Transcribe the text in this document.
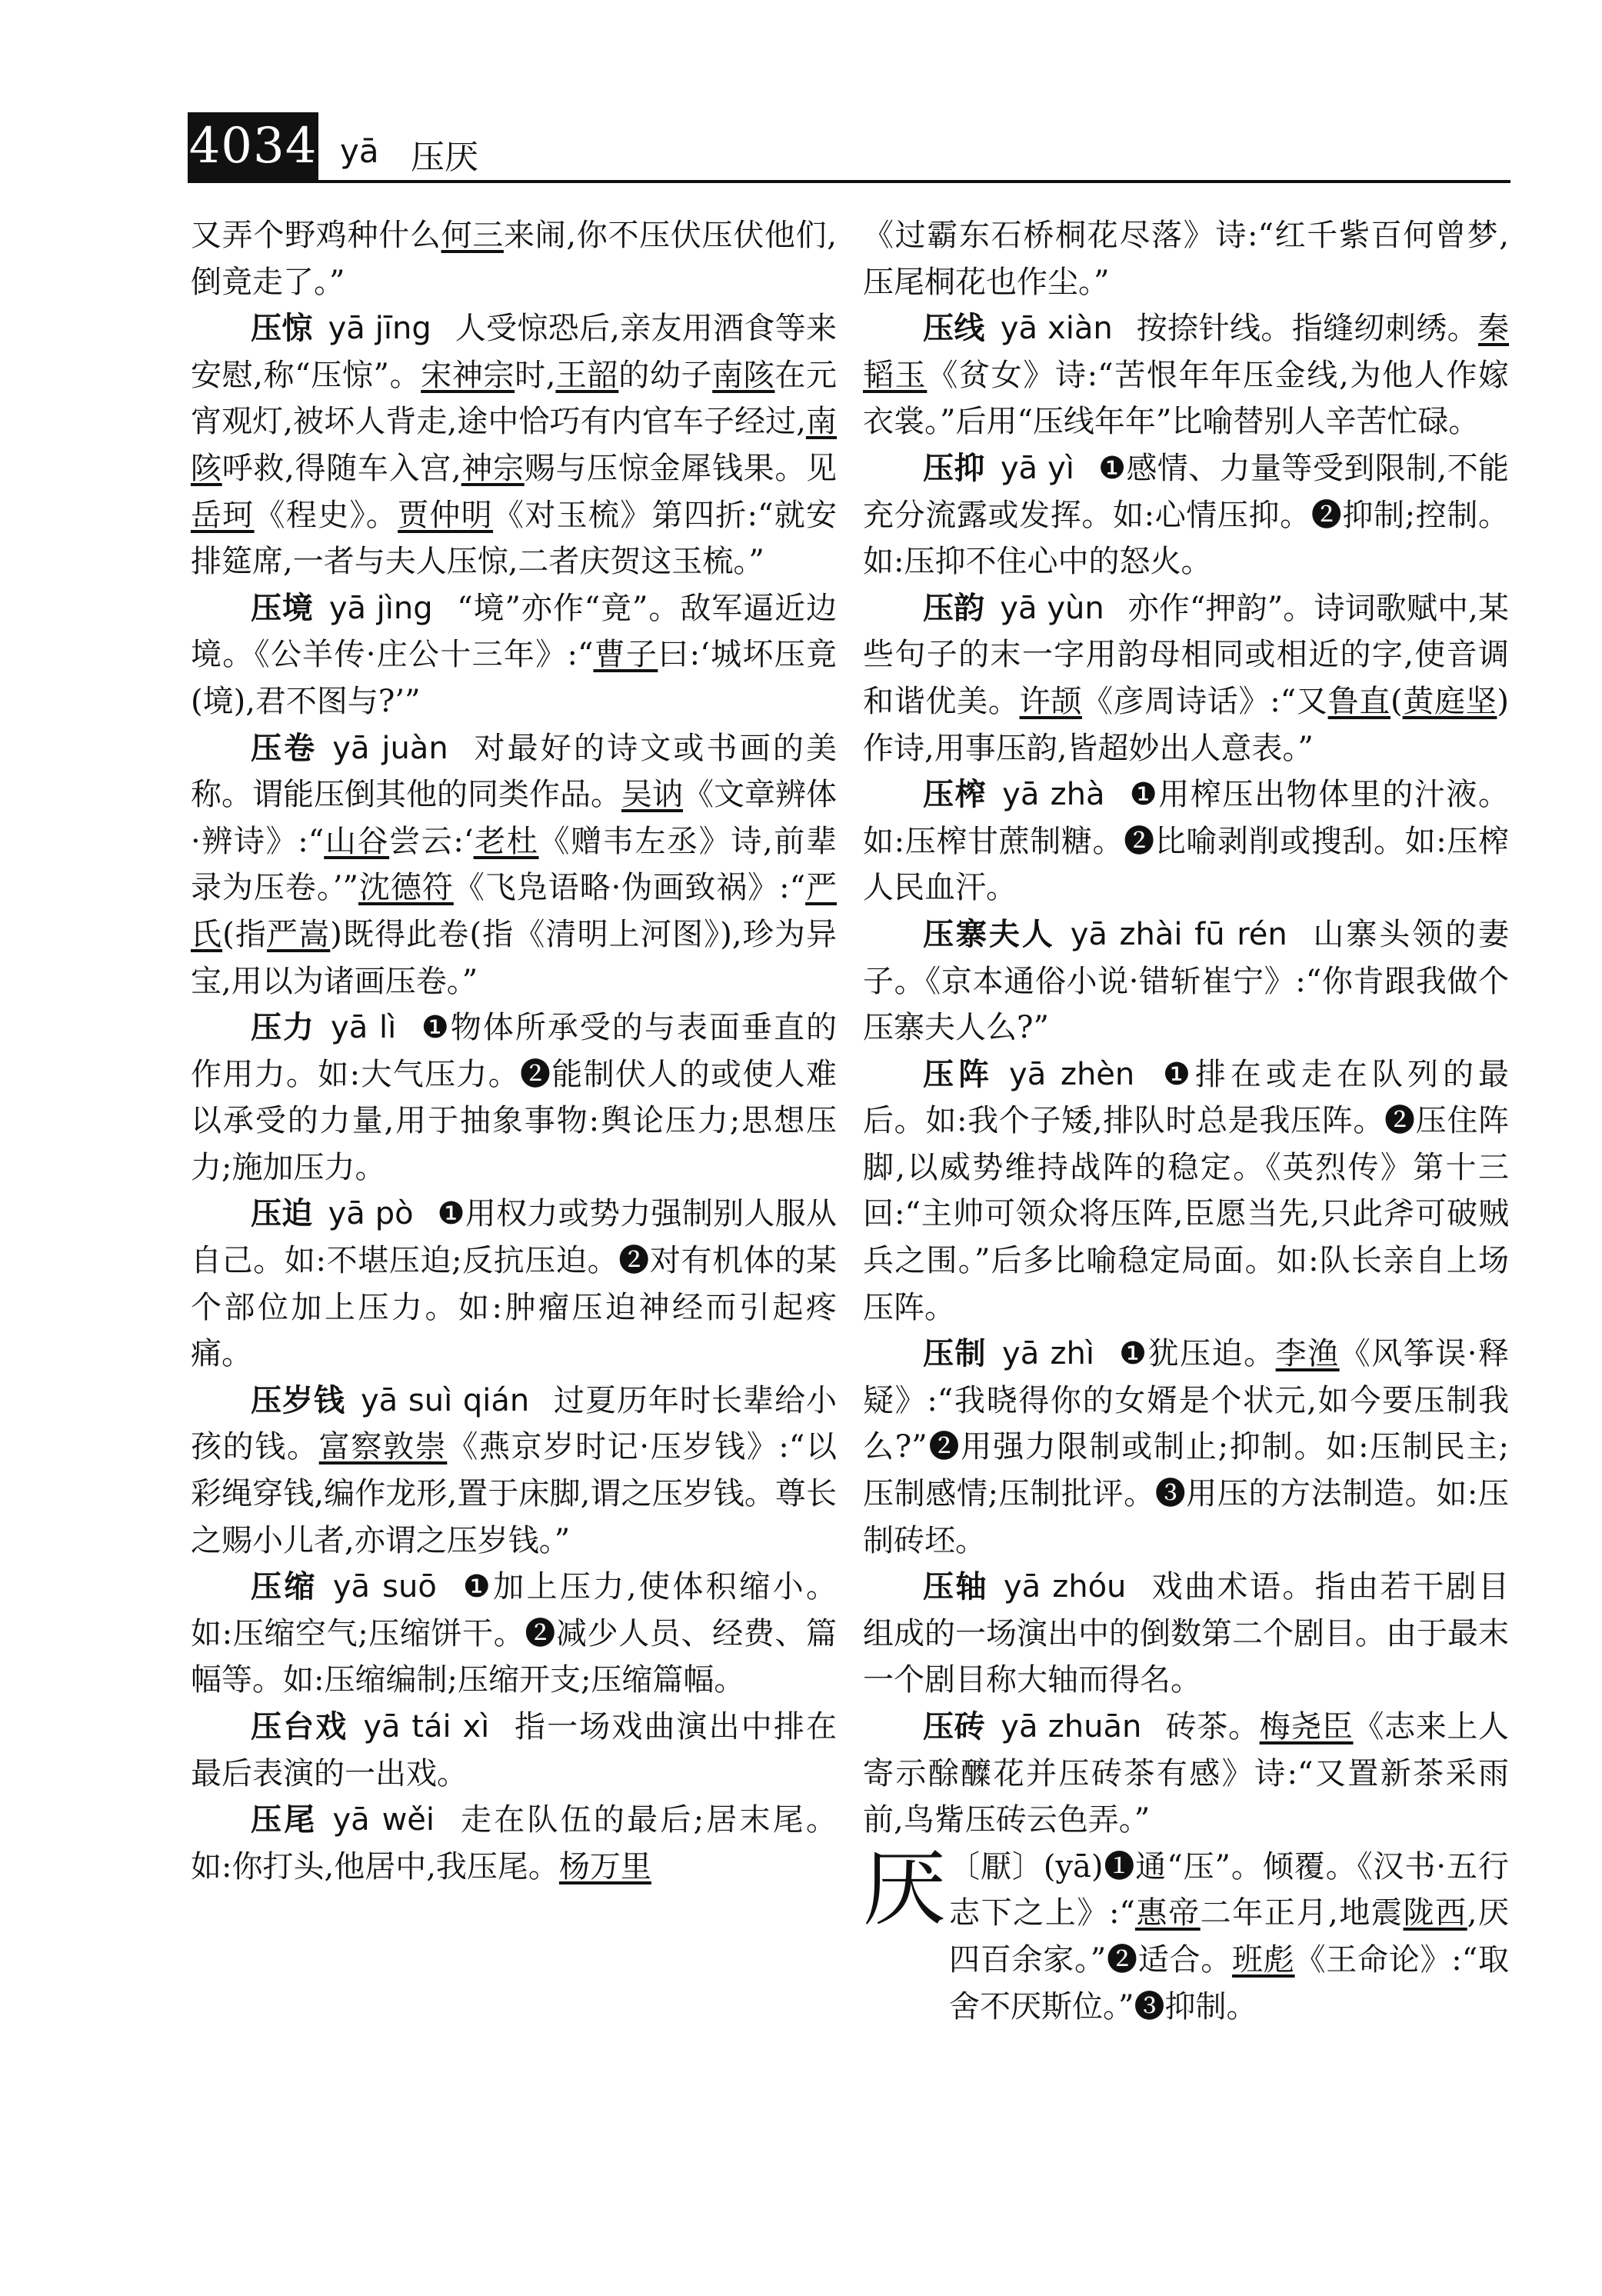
4034 yā 压厌

又弄个野鸡种什么何三来闹,你不压伏压伏他们,倒竟走了。”

压惊 yā jīng 人受惊恐后,亲友用酒食等来安慰,称“压惊”。宋神宗时,王韶的幼子南陔在元宵观灯,被坏人背走,途中恰巧有内官车子经过,南陔呼救,得随车入宫,神宗赐与压惊金犀钱果。见岳珂《程史》。贾仲明《对玉梳》第四折:“就安排筵席,一者与夫人压惊,二者庆贺这玉梳。”

压境 yā jìng “境”亦作“竟”。敌军逼近边境。《公羊传·庄公十三年》:“曹子曰:‘城坏压竟(境),君不图与?’”

压卷 yā juàn 对最好的诗文或书画的美称。谓能压倒其他的同类作品。吴讷《文章辨体·辨诗》:“山谷尝云:‘老杜《赠韦左丞》诗,前辈录为压卷。’”沈德符《飞凫语略·伪画致祸》:“严氏(指严嵩)既得此卷(指《清明上河图》),珍为异宝,用以为诸画压卷。”

压力 yā lì ❶物体所承受的与表面垂直的作用力。如:大气压力。❷能制伏人的或使人难以承受的力量,用于抽象事物:舆论压力;思想压力;施加压力。

压迫 yā pò ❶用权力或势力强制别人服从自己。如:不堪压迫;反抗压迫。❷对有机体的某个部位加上压力。如:肿瘤压迫神经而引起疼痛。

压岁钱 yā suì qián 过夏历年时长辈给小孩的钱。富察敦崇《燕京岁时记·压岁钱》:“以彩绳穿钱,编作龙形,置于床脚,谓之压岁钱。尊长之赐小儿者,亦谓之压岁钱。”

压缩 yā suō ❶加上压力,使体积缩小。如:压缩空气;压缩饼干。❷减少人员、经费、篇幅等。如:压缩编制;压缩开支;压缩篇幅。

压台戏 yā tái xì 指一场戏曲演出中排在最后表演的一出戏。

压尾 yā wěi 走在队伍的最后;居末尾。如:你打头,他居中,我压尾。杨万里

《过霸东石桥桐花尽落》诗:“红千紫百何曾梦,压尾桐花也作尘。”

压线 yā xiàn 按捺针线。指缝纫刺绣。秦韬玉《贫女》诗:“苦恨年年压金线,为他人作嫁衣裳。”后用“压线年年”比喻替别人辛苦忙碌。

压抑 yā yì ❶感情、力量等受到限制,不能充分流露或发挥。如:心情压抑。❷抑制;控制。如:压抑不住心中的怒火。

压韵 yā yùn 亦作“押韵”。诗词歌赋中,某些句子的末一字用韵母相同或相近的字,使音调和谐优美。许颉《彦周诗话》:“又鲁直(黄庭坚)作诗,用事压韵,皆超妙出人意表。”

压榨 yā zhà ❶用榨压出物体里的汁液。如:压榨甘蔗制糖。❷比喻剥削或搜刮。如:压榨人民血汗。

压寨夫人 yā zhài fū rén 山寨头领的妻子。《京本通俗小说·错斩崔宁》:“你肯跟我做个压寨夫人么?”

压阵 yā zhèn ❶排在或走在队列的最后。如:我个子矮,排队时总是我压阵。❷压住阵脚,以威势维持战阵的稳定。《英烈传》第十三回:“主帅可领众将压阵,臣愿当先,只此斧可破贼兵之围。”后多比喻稳定局面。如:队长亲自上场压阵。

压制 yā zhì ❶犹压迫。李渔《风筝误·释疑》:“我晓得你的女婿是个状元,如今要压制我么?”❷用强力限制或制止;抑制。如:压制民主;压制感情;压制批评。❸用压的方法制造。如:压制砖坯。

压轴 yā zhóu 戏曲术语。指由若干剧目组成的一场演出中的倒数第二个剧目。由于最末一个剧目称大轴而得名。

压砖 yā zhuān 砖茶。梅尧臣《志来上人寄示酴醾花并压砖茶有感》诗:“又置新茶采雨前,鸟觜压砖云色弄。”

厌 〔厭〕(yā)❶通“压”。倾覆。《汉书·五行志下之上》:“惠帝二年正月,地震陇西,厌四百余家。”❷适合。班彪《王命论》:“取舍不厌斯位。”❸抑制。
